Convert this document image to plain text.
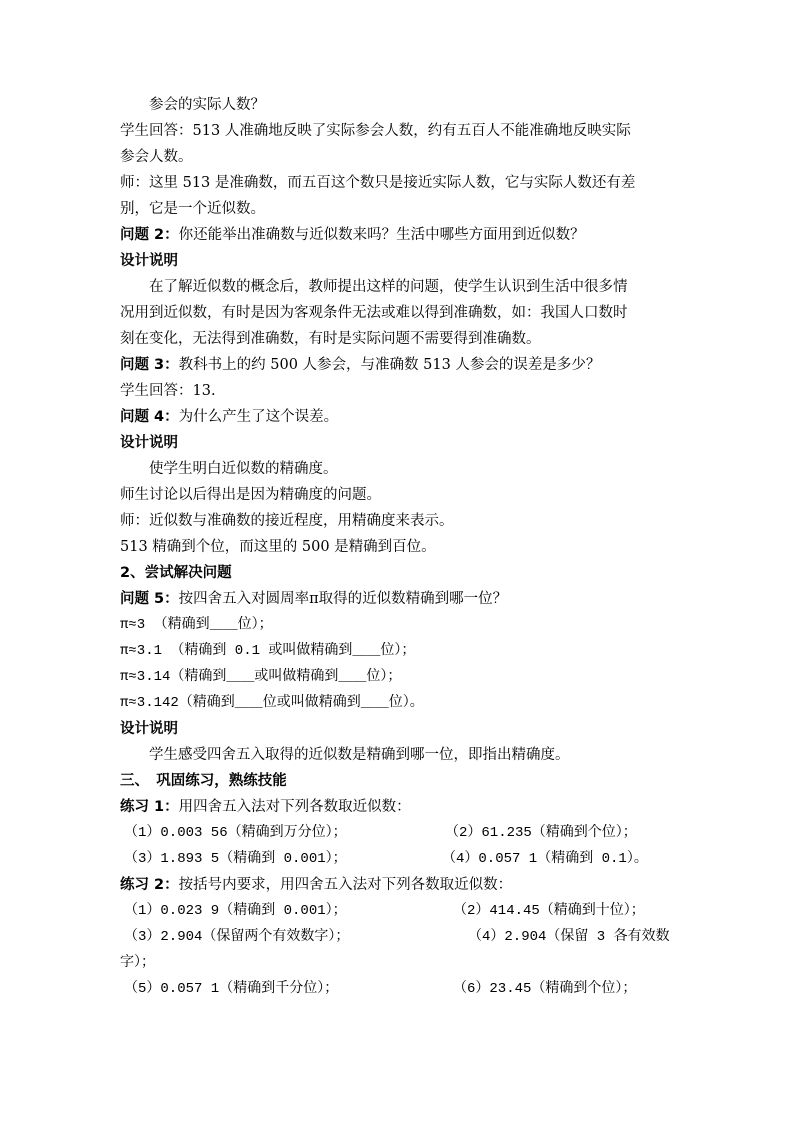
参会的实际人数？
学生回答：513 人准确地反映了实际参会人数，约有五百人不能准确地反映实际
参会人数。
师：这里 513 是准确数，而五百这个数只是接近实际人数，它与实际人数还有差
别，它是一个近似数。
问题 2：你还能举出准确数与近似数来吗？生活中哪些方面用到近似数？
设计说明
在了解近似数的概念后，教师提出这样的问题，使学生认识到生活中很多情
况用到近似数，有时是因为客观条件无法或难以得到准确数，如：我国人口数时
刻在变化，无法得到准确数，有时是实际问题不需要得到准确数。
问题 3：教科书上的约 500 人参会，与准确数 513 人参会的误差是多少？
学生回答：13.
问题 4：为什么产生了这个误差。
设计说明
使学生明白近似数的精确度。
师生讨论以后得出是因为精确度的问题。
师：近似数与准确数的接近程度，用精确度来表示。
513 精确到个位，而这里的 500 是精确到百位。
2、尝试解决问题
问题 5：按四舍五入对圆周率π取得的近似数精确到哪一位？
π≈3 （精确到＿＿位）；
π≈3.1 （精确到 0.1 或叫做精确到＿＿位）；
π≈3.14（精确到＿＿或叫做精确到＿＿位）；
π≈3.142（精确到＿＿位或叫做精确到＿＿位）。
设计说明
学生感受四舍五入取得的近似数是精确到哪一位，即指出精确度。
三、　巩固练习，熟练技能
练习 1：用四舍五入法对下列各数取近似数：
（1）0.003 56（精确到万分位）；	（2）61.235（精确到个位）；
（3）1.893 5（精确到 0.001）；	（4）0.057 1（精确到 0.1）。
练习 2：按括号内要求，用四舍五入法对下列各数取近似数：
（1）0.023 9（精确到 0.001）；	（2）414.45（精确到十位）；
（3）2.904（保留两个有效数字）；	（4）2.904（保留 3 各有效数
字）；
（5）0.057 1（精确到千分位）；	（6）23.45（精确到个位）；
